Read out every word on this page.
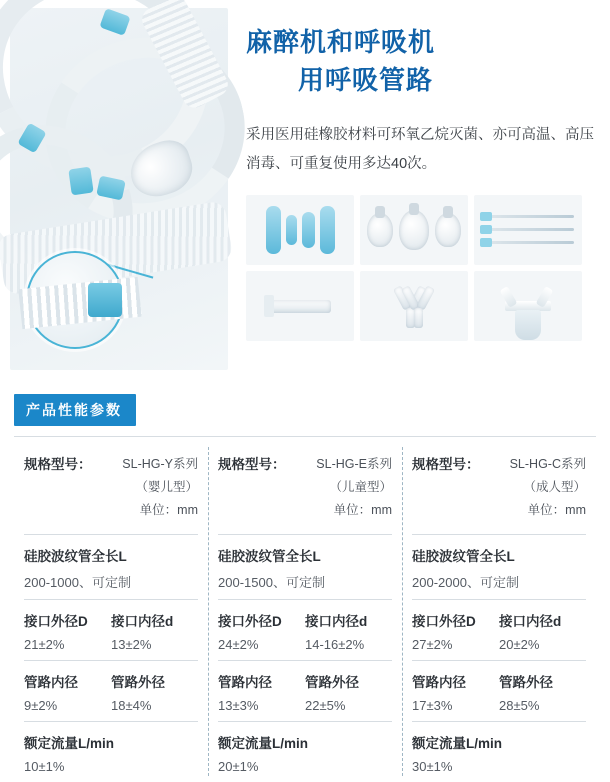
麻醉机和呼吸机
用呼吸管路
采用医用硅橡胶材料可环氧乙烷灭菌、亦可高温、高压消毒、可重复使用多达40次。
产品性能参数
规格型号： SL-HG-Y系列
（婴儿型）
单位：mm
硅胶波纹管全长L
200-1000、可定制
接口外径D	接口内径d
21±2%	13±2%
管路内径	管路外径
9±2%	18±4%
额定流量L/min
10±1%
规格型号： SL-HG-E系列
（儿童型）
单位：mm
硅胶波纹管全长L
200-1500、可定制
接口外径D	接口内径d
24±2%	14-16±2%
管路内径	管路外径
13±3%	22±5%
额定流量L/min
20±1%
规格型号： SL-HG-C系列
（成人型）
单位：mm
硅胶波纹管全长L
200-2000、可定制
接口外径D	接口内径d
27±2%	20±2%
管路内径	管路外径
17±3%	28±5%
额定流量L/min
30±1%
